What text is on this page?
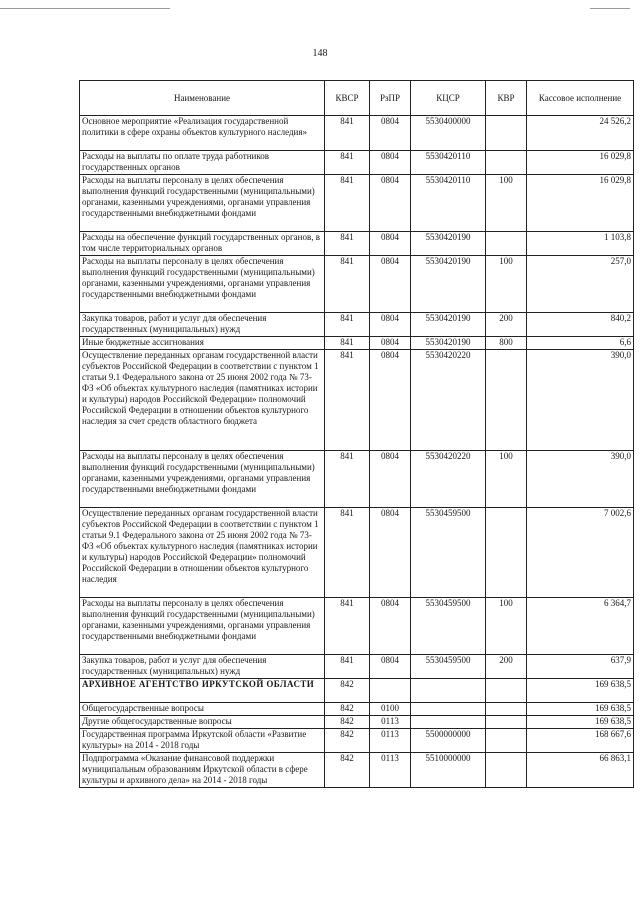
148
Наименование	КВСР	РзПР	КЦСР	КВР	Кассовое исполнение
Основное мероприятие «Реализация государственной политики в сфере охраны объектов культурного наследия»	841	0804	5530400000		24 526,2
Расходы на выплаты по оплате труда работников государственных органов	841	0804	5530420110		16 029,8
Расходы на выплаты персоналу в целях обеспечения выполнения функций государственными (муниципальными) органами, казенными учреждениями, органами управления государственными внебюджетными фондами	841	0804	5530420110	100	16 029,8
Расходы на обеспечение функций государственных органов, в том числе территориальных органов	841	0804	5530420190		1 103,8
Расходы на выплаты персоналу в целях обеспечения выполнения функций государственными (муниципальными) органами, казенными учреждениями, органами управления государственными внебюджетными фондами	841	0804	5530420190	100	257,0
Закупка товаров, работ и услуг для обеспечения государственных (муниципальных) нужд	841	0804	5530420190	200	840,2
Иные бюджетные ассигнования	841	0804	5530420190	800	6,6
Осуществление переданных органам государственной власти субъектов Российской Федерации в соответствии с пунктом 1 статьи 9.1 Федерального закона от 25 июня 2002 года № 73-ФЗ «Об объектах культурного наследия (памятниках истории и культуры) народов Российской Федерации» полномочий Российской Федерации в отношении объектов культурного наследия за счет средств областного бюджета	841	0804	5530420220		390,0
Расходы на выплаты персоналу в целях обеспечения выполнения функций государственными (муниципальными) органами, казенными учреждениями, органами управления государственными внебюджетными фондами	841	0804	5530420220	100	390,0
Осуществление переданных органам государственной власти субъектов Российской Федерации в соответствии с пунктом 1 статьи 9.1 Федерального закона от 25 июня 2002 года № 73-ФЗ «Об объектах культурного наследия (памятниках истории и культуры) народов Российской Федерации» полномочий Российской Федерации в отношении объектов культурного наследия	841	0804	5530459500		7 002,6
Расходы на выплаты персоналу в целях обеспечения выполнения функций государственными (муниципальными) органами, казенными учреждениями, органами управления государственными внебюджетными фондами	841	0804	5530459500	100	6 364,7
Закупка товаров, работ и услуг для обеспечения государственных (муниципальных) нужд	841	0804	5530459500	200	637,9
АРХИВНОЕ АГЕНТСТВО ИРКУТСКОЙ ОБЛАСТИ	842				169 638,5
Общегосударственные вопросы	842	0100			169 638,5
Другие общегосударственные вопросы	842	0113			169 638,5
Государственная программа Иркутской области «Развитие культуры» на 2014 - 2018 годы	842	0113	5500000000		168 667,6
Подпрограмма «Оказание финансовой поддержки муниципальным образованиям Иркутской области в сфере культуры и архивного дела» на 2014 - 2018 годы	842	0113	5510000000		66 863,1
